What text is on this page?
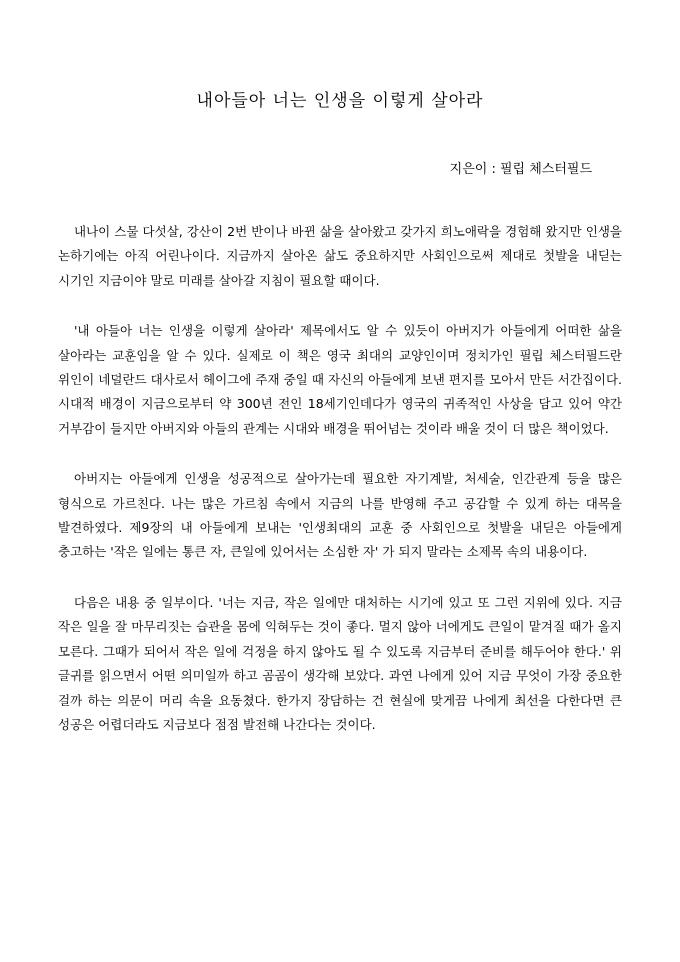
내아들아 너는 인생을 이렇게 살아라

지은이 : 필립 체스터필드

내나이 스물 다섯살, 강산이 2번 반이나 바뀐 삶을 살아왔고 갖가지 희노애락을 경험해 왔지만 인생을 논하기에는 아직 어린나이다. 지금까지 살아온 삶도 중요하지만 사회인으로써 제대로 첫발을 내딛는 시기인 지금이야 말로 미래를 살아갈 지침이 필요할 때이다.

'내 아들아 너는 인생을 이렇게 살아라' 제목에서도 알 수 있듯이 아버지가 아들에게 어떠한 삶을 살아라는 교훈임을 알 수 있다. 실제로 이 책은 영국 최대의 교양인이며 정치가인 필립 체스터필드란 위인이 네덜란드 대사로서 헤이그에 주재 중일 때 자신의 아들에게 보낸 편지를 모아서 만든 서간집이다. 시대적 배경이 지금으로부터 약 300년 전인 18세기인데다가 영국의 귀족적인 사상을 담고 있어 약간 거부감이 들지만 아버지와 아들의 관계는 시대와 배경을 뛰어넘는 것이라 배울 것이 더 많은 책이었다.

아버지는 아들에게 인생을 성공적으로 살아가는데 필요한 자기계발, 처세술, 인간관계 등을 많은 형식으로 가르친다. 나는 많은 가르침 속에서 지금의 나를 반영해 주고 공감할 수 있게 하는 대목을 발견하였다. 제9장의 내 아들에게 보내는 '인생최대의 교훈 중 사회인으로 첫발을 내딛은 아들에게 충고하는 '작은 일에는 통큰 자, 큰일에 있어서는 소심한 자' 가 되지 말라는 소제목 속의 내용이다.

다음은 내용 중 일부이다. '너는 지금, 작은 일에만 대처하는 시기에 있고 또 그런 지위에 있다. 지금 작은 일을 잘 마무리짓는 습관을 몸에 익혀두는 것이 좋다. 멀지 않아 너에게도 큰일이 맡겨질 때가 올지 모른다. 그때가 되어서 작은 일에 걱정을 하지 않아도 될 수 있도록 지금부터 준비를 해두어야 한다.' 위 글귀를 읽으면서 어떤 의미일까 하고 곰곰이 생각해 보았다. 과연 나에게 있어 지금 무엇이 가장 중요한 걸까 하는 의문이 머리 속을 요동쳤다. 한가지 장담하는 건 현실에 맞게끔 나에게 최선을 다한다면 큰 성공은 어렵더라도 지금보다 점점 발전해 나간다는 것이다.
